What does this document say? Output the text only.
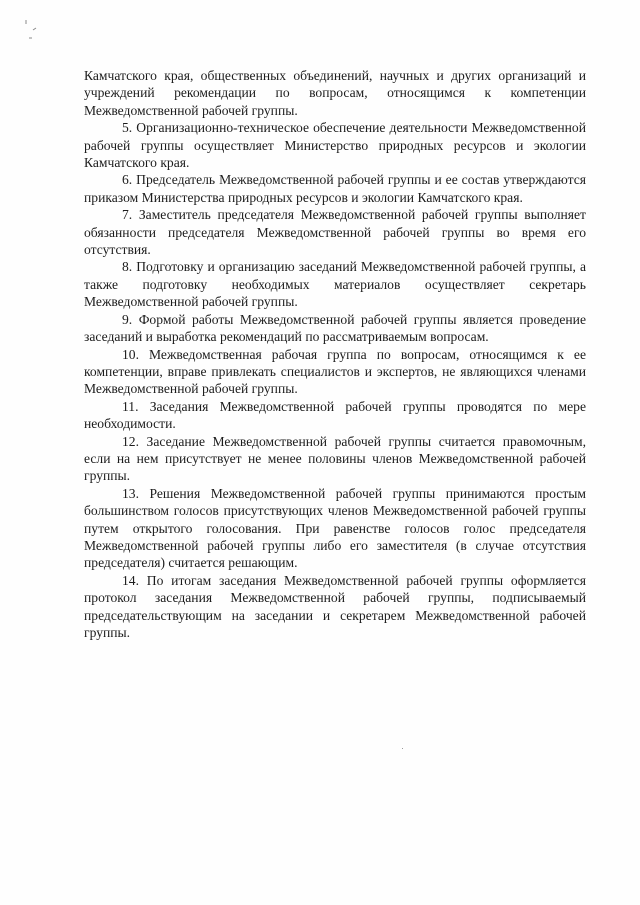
Камчатского края, общественных объединений, научных и других организаций и учреждений рекомендации по вопросам, относящимся к компетенции Межведомственной рабочей группы.

5. Организационно-техническое обеспечение деятельности Межведомственной рабочей группы осуществляет Министерство природных ресурсов и экологии Камчатского края.

6. Председатель Межведомственной рабочей группы и ее состав утверждаются приказом Министерства природных ресурсов и экологии Камчатского края.

7. Заместитель председателя Межведомственной рабочей группы выполняет обязанности председателя Межведомственной рабочей группы во время его отсутствия.

8. Подготовку и организацию заседаний Межведомственной рабочей группы, а также подготовку необходимых материалов осуществляет секретарь Межведомственной рабочей группы.

9. Формой работы Межведомственной рабочей группы является проведение заседаний и выработка рекомендаций по рассматриваемым вопросам.

10. Межведомственная рабочая группа по вопросам, относящимся к ее компетенции, вправе привлекать специалистов и экспертов, не являющихся членами Межведомственной рабочей группы.

11. Заседания Межведомственной рабочей группы проводятся по мере необходимости.

12. Заседание Межведомственной рабочей группы считается правомочным, если на нем присутствует не менее половины членов Межведомственной рабочей группы.

13. Решения Межведомственной рабочей группы принимаются простым большинством голосов присутствующих членов Межведомственной рабочей группы путем открытого голосования. При равенстве голосов голос председателя Межведомственной рабочей группы либо его заместителя (в случае отсутствия председателя) считается решающим.

14. По итогам заседания Межведомственной рабочей группы оформляется протокол заседания Межведомственной рабочей группы, подписываемый председательствующим на заседании и секретарем Межведомственной рабочей группы.
